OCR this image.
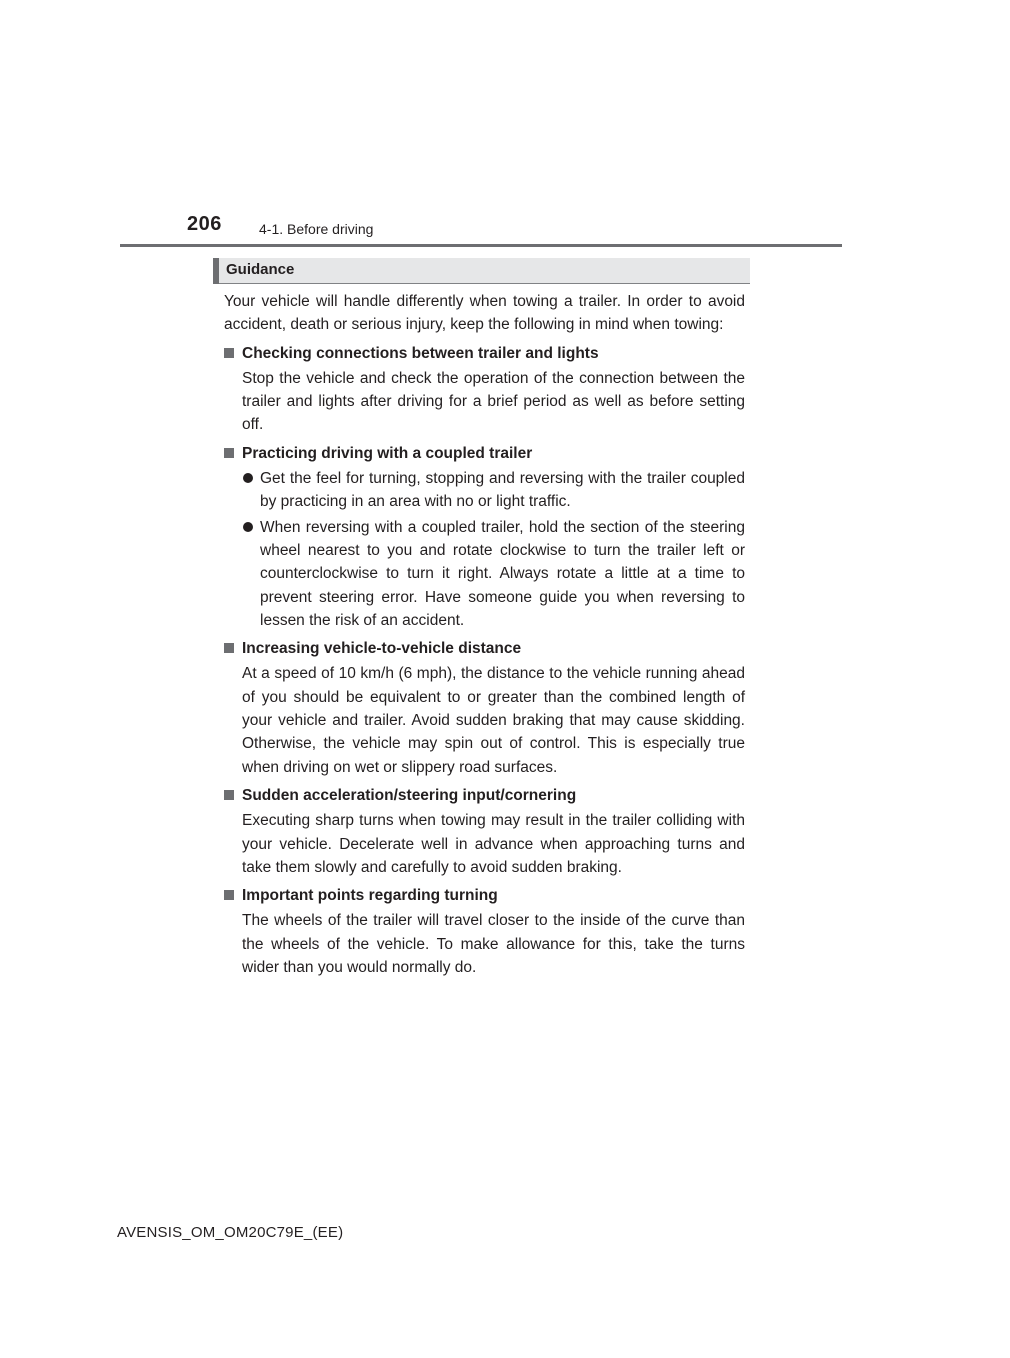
206	4-1. Before driving
Guidance

Your vehicle will handle differently when towing a trailer. In order to avoid accident, death or serious injury, keep the following in mind when towing:

Checking connections between trailer and lights

Stop the vehicle and check the operation of the connection between the trailer and lights after driving for a brief period as well as before setting off.

Practicing driving with a coupled trailer
Get the feel for turning, stopping and reversing with the trailer coupled by practicing in an area with no or light traffic.
When reversing with a coupled trailer, hold the section of the steering wheel nearest to you and rotate clockwise to turn the trailer left or counterclockwise to turn it right. Always rotate a little at a time to prevent steering error. Have someone guide you when reversing to lessen the risk of an accident.
Increasing vehicle-to-vehicle distance

At a speed of 10 km/h (6 mph), the distance to the vehicle running ahead of you should be equivalent to or greater than the combined length of your vehicle and trailer. Avoid sudden braking that may cause skidding. Otherwise, the vehicle may spin out of control. This is especially true when driving on wet or slippery road surfaces.

Sudden acceleration/steering input/cornering

Executing sharp turns when towing may result in the trailer colliding with your vehicle. Decelerate well in advance when approaching turns and take them slowly and carefully to avoid sudden braking.

Important points regarding turning

The wheels of the trailer will travel closer to the inside of the curve than the wheels of the vehicle. To make allowance for this, take the turns wider than you would normally do.

AVENSIS_OM_OM20C79E_(EE)
carmanualsonline.info
